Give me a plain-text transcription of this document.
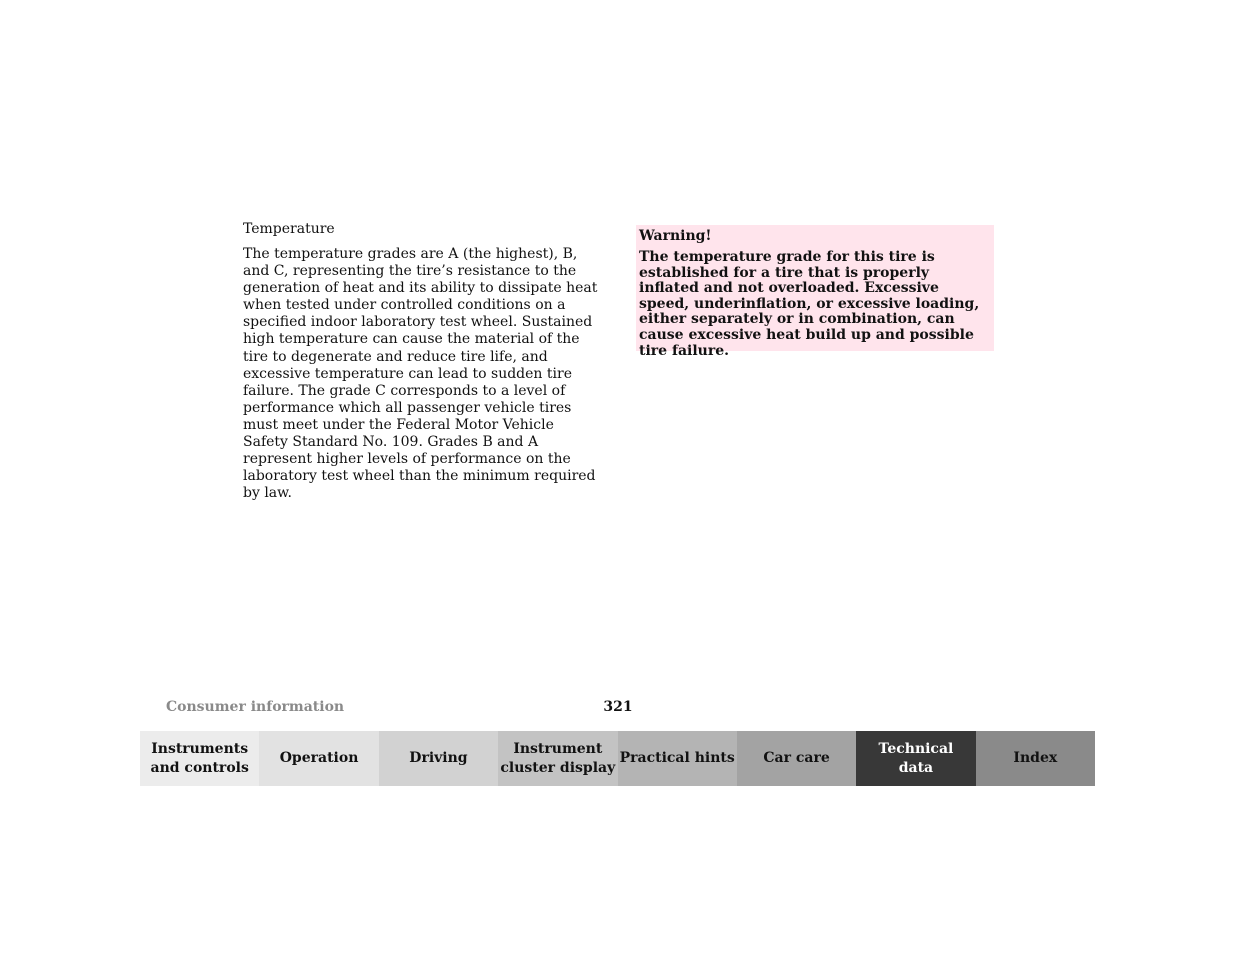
Temperature

The temperature grades are A (the highest), B, and C, representing the tire’s resistance to the generation of heat and its ability to dissipate heat when tested under controlled conditions on a specified indoor laboratory test wheel. Sustained high temperature can cause the material of the tire to degenerate and reduce tire life, and excessive temperature can lead to sudden tire failure. The grade C corresponds to a level of performance which all passenger vehicle tires must meet under the Federal Motor Vehicle Safety Standard No. 109. Grades B and A represent higher levels of performance on the laboratory test wheel than the minimum required by law.

Warning!

The temperature grade for this tire is established for a tire that is properly inflated and not overloaded. Excessive speed, underinflation, or excessive loading, either separately or in combination, can cause excessive heat build up and possible tire failure.

Consumer information	321
Instruments
and controls
Operation	Driving
Instrument
cluster display
Practical hints	Car care
Technical
data
Index
